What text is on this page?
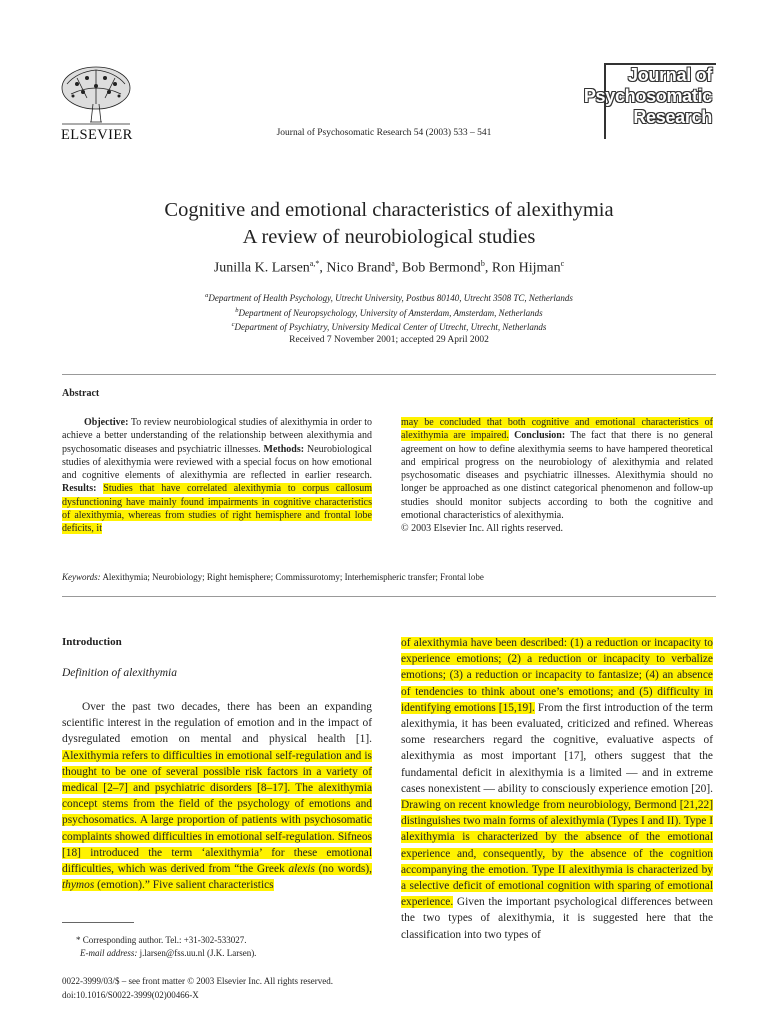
ELSEVIER	Journal of Psychosomatic Research 54 (2003) 533 – 541
Journal of
Psychosomatic
Research
Cognitive and emotional characteristics of alexithymia
A review of neurobiological studies
Junilla K. Larsen$^{a,*}$, Nico Brand$^a$, Bob Bermond$^b$, Ron Hijman$^c$
$^a$Department of Health Psychology, Utrecht University, Postbus 80140, Utrecht 3508 TC, Netherlands
$^b$Department of Neuropsychology, University of Amsterdam, Amsterdam, Netherlands
$^c$Department of Psychiatry, University Medical Center of Utrecht, Utrecht, Netherlands
Received 7 November 2001; accepted 29 April 2002
Abstract
Objective: To review neurobiological studies of alexithymia in order to achieve a better understanding of the relationship between alexithymia and psychosomatic diseases and psychiatric illnesses. Methods: Neurobiological studies of alexithymia were reviewed with a special focus on how emotional and cognitive elements of alexithymia are reflected in earlier research. Results: Studies that have correlated alexithymia to corpus callosum dysfunctioning have mainly found impairments in cognitive characteristics of alexithymia, whereas from studies of right hemisphere and frontal lobe deficits, it
may be concluded that both cognitive and emotional characteristics of alexithymia are impaired. Conclusion: The fact that there is no general agreement on how to define alexithymia seems to have hampered theoretical and empirical progress on the neurobiology of alexithymia and related psychosomatic diseases and psychiatric illnesses. Alexithymia should no longer be approached as one distinct categorical phenomenon and follow-up studies should monitor subjects according to both the cognitive and emotional characteristics of alexithymia.
© 2003 Elsevier Inc. All rights reserved.
Keywords: Alexithymia; Neurobiology; Right hemisphere; Commissurotomy; Interhemispheric transfer; Frontal lobe
Introduction
Definition of alexithymia
Over the past two decades, there has been an expanding scientific interest in the regulation of emotion and in the impact of dysregulated emotion on mental and physical health [1]. Alexithymia refers to difficulties in emotional self-regulation and is thought to be one of several possible risk factors in a variety of medical [2–7] and psychiatric disorders [8–17]. The alexithymia concept stems from the field of the psychology of emotions and psychosomatics. A large proportion of patients with psychosomatic complaints showed difficulties in emotional self-regulation. Sifneos [18] introduced the term ‘alexithymia’ for these emotional difficulties, which was derived from “the Greek alexis (no words), thymos (emotion).” Five salient characteristics
of alexithymia have been described: (1) a reduction or incapacity to experience emotions; (2) a reduction or incapacity to verbalize emotions; (3) a reduction or incapacity to fantasize; (4) an absence of tendencies to think about one’s emotions; and (5) difficulty in identifying emotions [15,19]. From the first introduction of the term alexithymia, it has been evaluated, criticized and refined. Whereas some researchers regard the cognitive, evaluative aspects of alexithymia as most important [17], others suggest that the fundamental deficit in alexithymia is a limited — and in extreme cases nonexistent — ability to consciously experience emotion [20]. Drawing on recent knowledge from neurobiology, Bermond [21,22] distinguishes two main forms of alexithymia (Types I and II). Type I alexithymia is characterized by the absence of the emotional experience and, consequently, by the absence of the cognition accompanying the emotion. Type II alexithymia is characterized by a selective deficit of emotional cognition with sparing of emotional experience. Given the important psychological differences between the two types of alexithymia, it is suggested here that the classification into two types of
* Corresponding author. Tel.: +31-302-533027.
E-mail address: j.larsen@fss.uu.nl (J.K. Larsen).
0022-3999/03/$ – see front matter © 2003 Elsevier Inc. All rights reserved.
doi:10.1016/S0022-3999(02)00466-X
